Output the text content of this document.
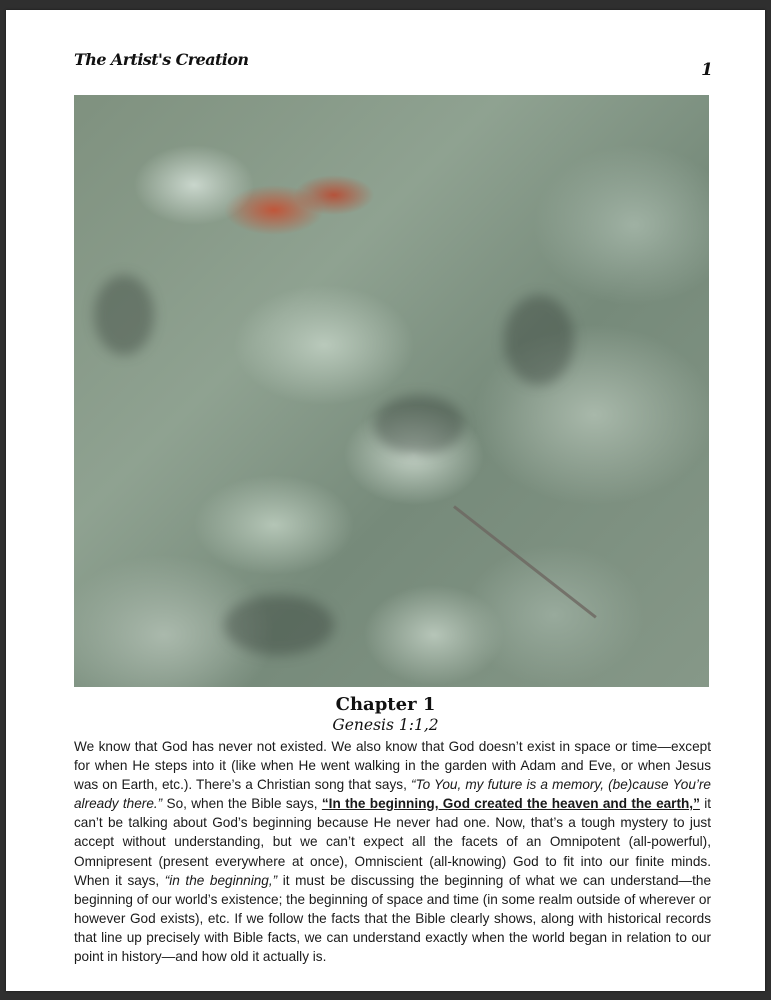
The Artist's Creation
1
Chapter 1
Genesis 1:1,2

We know that God has never not existed. We also know that God doesn’t exist in space or time—except for when He steps into it (like when He went walking in the garden with Adam and Eve, or when Jesus was on Earth, etc.). There’s a Christian song that says, “To You, my future is a memory, (be)cause You’re already there.” So, when the Bible says, “In the beginning, God created the heaven and the earth,” it can’t be talking about God’s beginning because He never had one. Now, that’s a tough mystery to just accept without understanding, but we can’t expect all the facets of an Omnipotent (all-powerful), Omnipresent (present everywhere at once), Omniscient (all-knowing) God to fit into our finite minds. When it says, “in the beginning,” it must be discussing the beginning of what we can understand—the beginning of our world’s existence; the beginning of space and time (in some realm outside of wherever or however God exists), etc. If we follow the facts that the Bible clearly shows, along with historical records that line up precisely with Bible facts, we can understand exactly when the world began in relation to our point in history—and how old it actually is.
